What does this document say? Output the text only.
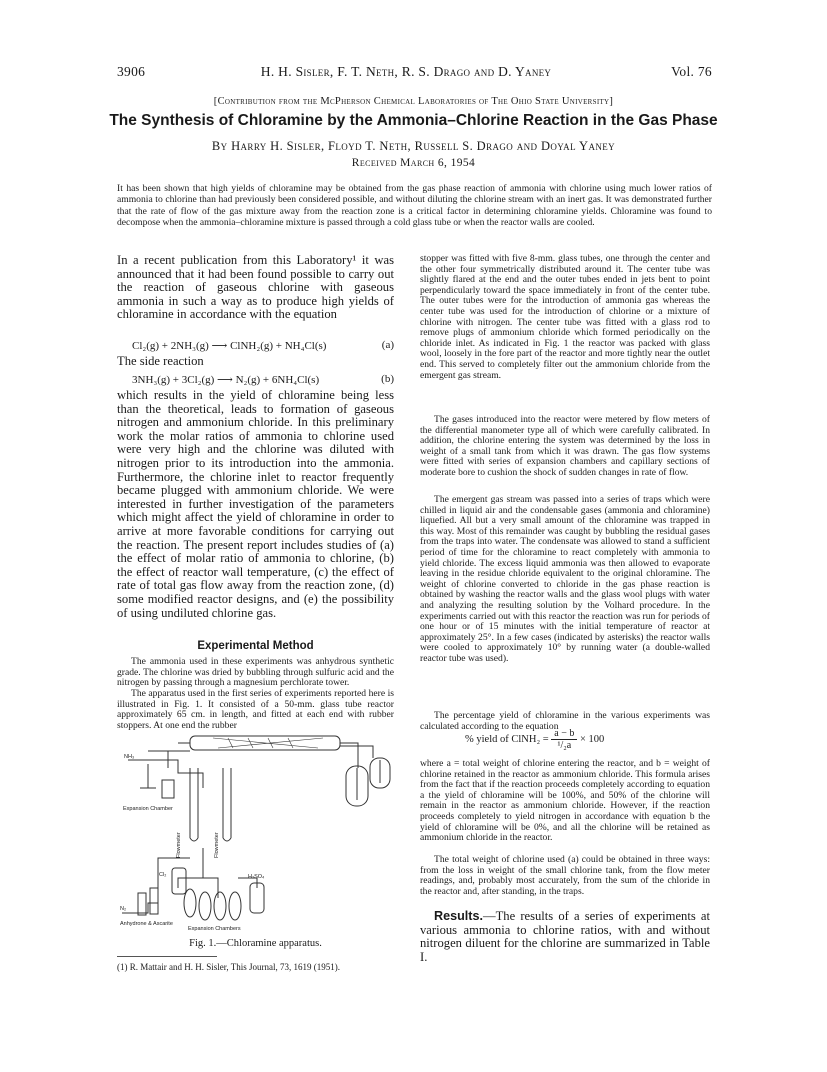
3906	H. H. Sisler, F. T. Neth, R. S. Drago and D. Yaney	Vol. 76
[Contribution from the McPherson Chemical Laboratories of The Ohio State University]
The Synthesis of Chloramine by the Ammonia–Chlorine Reaction in the Gas Phase
By Harry H. Sisler, Floyd T. Neth, Russell S. Drago and Doyal Yaney
Received March 6, 1954
It has been shown that high yields of chloramine may be obtained from the gas phase reaction of ammonia with chlorine using much lower ratios of ammonia to chlorine than had previously been considered possible, and without diluting the chlorine stream with an inert gas. It was demonstrated further that the rate of flow of the gas mixture away from the reaction zone is a critical factor in determining chloramine yields. Chloramine was found to decompose when the ammonia–chloramine mixture is passed through a cold glass tube or when the reactor walls are cooled.
In a recent publication from this Laboratory¹ it was announced that it had been found possible to carry out the reaction of gaseous chlorine with gaseous ammonia in such a way as to produce high yields of chloramine in accordance with the equation
Cl₂(g) + 2NH₃(g) ⟶ ClNH₂(g) + NH₄Cl(s)	(a)
The side reaction
3NH₃(g) + 3Cl₂(g) ⟶ N₂(g) + 6NH₄Cl(s)	(b)
which results in the yield of chloramine being less than the theoretical, leads to formation of gaseous nitrogen and ammonium chloride. In this preliminary work the molar ratios of ammonia to chlorine used were very high and the chlorine was diluted with nitrogen prior to its introduction into the ammonia. Furthermore, the chlorine inlet to reactor frequently became plugged with ammonium chloride. We were interested in further investigation of the parameters which might affect the yield of chloramine in order to arrive at more favorable conditions for carrying out the reaction. The present report includes studies of (a) the effect of molar ratio of ammonia to chlorine, (b) the effect of reactor wall temperature, (c) the effect of rate of total gas flow away from the reaction zone, (d) some modified reactor designs, and (e) the possibility of using undiluted chlorine gas.
Experimental Method
The ammonia used in these experiments was anhydrous synthetic grade. The chlorine was dried by bubbling through sulfuric acid and the nitrogen by passing through a magnesium perchlorate tower.
The apparatus used in the first series of experiments reported here is illustrated in Fig. 1. It consisted of a 50-mm. glass tube reactor approximately 65 cm. in length, and fitted at each end with rubber stoppers. At one end the rubber
NH₃
Expansion Chamber
Flowmeter	Flowmeter
Cl₂	H₂SO₄
N₂
Anhydrone & Ascarite
Expansion Chambers
Fig. 1.—Chloramine apparatus.
(1) R. Mattair and H. H. Sisler, This Journal, 73, 1619 (1951).
stopper was fitted with five 8-mm. glass tubes, one through the center and the other four symmetrically distributed around it. The center tube was slightly flared at the end and the outer tubes ended in jets bent to point perpendicularly toward the space immediately in front of the center tube. The outer tubes were for the introduction of ammonia gas whereas the center tube was used for the introduction of chlorine or a mixture of chlorine with nitrogen. The center tube was fitted with a glass rod to remove plugs of ammonium chloride which formed periodically on the chloride inlet. As indicated in Fig. 1 the reactor was packed with glass wool, loosely in the fore part of the reactor and more tightly near the outlet end. This served to completely filter out the ammonium chloride from the emergent gas stream.
The gases introduced into the reactor were metered by flow meters of the differential manometer type all of which were carefully calibrated. In addition, the chlorine entering the system was determined by the loss in weight of a small tank from which it was drawn. The gas flow systems were fitted with series of expansion chambers and capillary sections of moderate bore to cushion the shock of sudden changes in rate of flow.
The emergent gas stream was passed into a series of traps which were chilled in liquid air and the condensable gases (ammonia and chloramine) liquefied. All but a very small amount of the chloramine was trapped in this way. Most of this remainder was caught by bubbling the residual gases from the traps into water. The condensate was allowed to stand a sufficient period of time for the chloramine to react completely with ammonia to yield chloride. The excess liquid ammonia was then allowed to evaporate leaving in the residue chloride equivalent to the original chloramine. The weight of chlorine converted to chloride in the gas phase reaction is obtained by washing the reactor walls and the glass wool plugs with water and analyzing the resulting solution by the Volhard procedure. In the experiments carried out with this reactor the reaction was run for periods of one hour or of 15 minutes with the initial temperature of reactor at approximately 25°. In a few cases (indicated by asterisks) the reactor walls were cooled to approximately 10° by running water (a double-walled reactor tube was used).
The percentage yield of chloramine in the various experiments was calculated according to the equation
% yield of ClNH₂ = $\frac{a - b}{\text{¹/₂a}} \times 100$
where a = total weight of chlorine entering the reactor, and b = weight of chlorine retained in the reactor as ammonium chloride. This formula arises from the fact that if the reaction proceeds completely according to equation a the yield of chloramine will be 100%, and 50% of the chlorine will remain in the reactor as ammonium chloride. However, if the reaction proceeds completely to yield nitrogen in accordance with equation b the yield of chloramine will be 0%, and all the chlorine will be retained as ammonium chloride in the reactor.
The total weight of chlorine used (a) could be obtained in three ways: from the loss in weight of the small chlorine tank, from the flow meter readings, and, probably most accurately, from the sum of the chloride in the reactor and, after standing, in the traps.
Results.—The results of a series of experiments at various ammonia to chlorine ratios, with and without nitrogen diluent for the chlorine are summarized in Table I.
